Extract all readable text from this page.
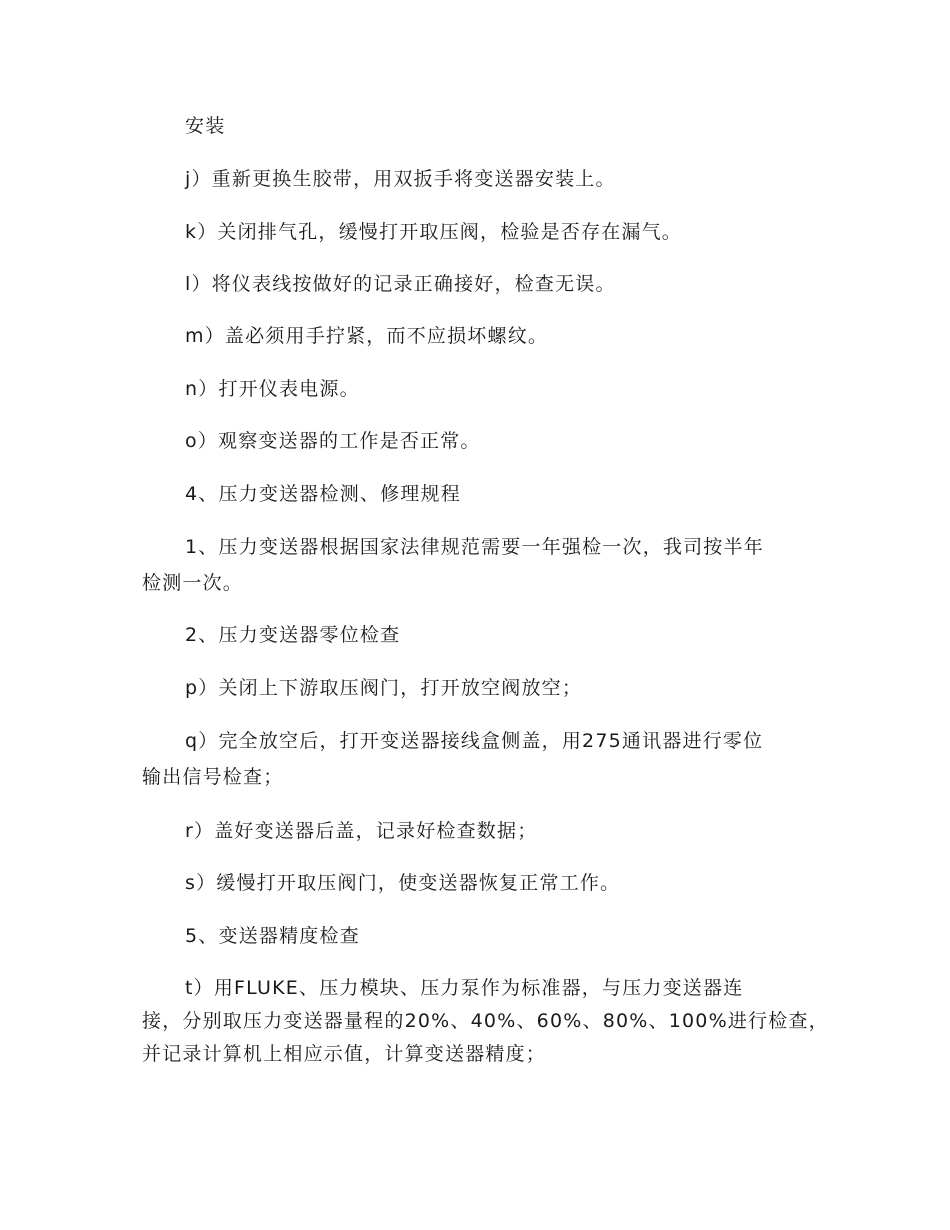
安装

j）重新更换生胶带，用双扳手将变送器安装上。

k）关闭排气孔，缓慢打开取压阀，检验是否存在漏气。

l）将仪表线按做好的记录正确接好，检查无误。

m）盖必须用手拧紧，而不应损坏螺纹。

n）打开仪表电源。

o）观察变送器的工作是否正常。

4、压力变送器检测、修理规程

1、压力变送器根据国家法律规范需要一年强检一次，我司按半年
检测一次。

2、压力变送器零位检查

p）关闭上下游取压阀门，打开放空阀放空；

q）完全放空后，打开变送器接线盒侧盖，用275通讯器进行零位
输出信号检查；

r）盖好变送器后盖，记录好检查数据；

s）缓慢打开取压阀门，使变送器恢复正常工作。

5、变送器精度检查

t）用FLUKE、压力模块、压力泵作为标准器，与压力变送器连
接，分别取压力变送器量程的20%、40%、60%、80%、100%进行检查，
并记录计算机上相应示值，计算变送器精度；
